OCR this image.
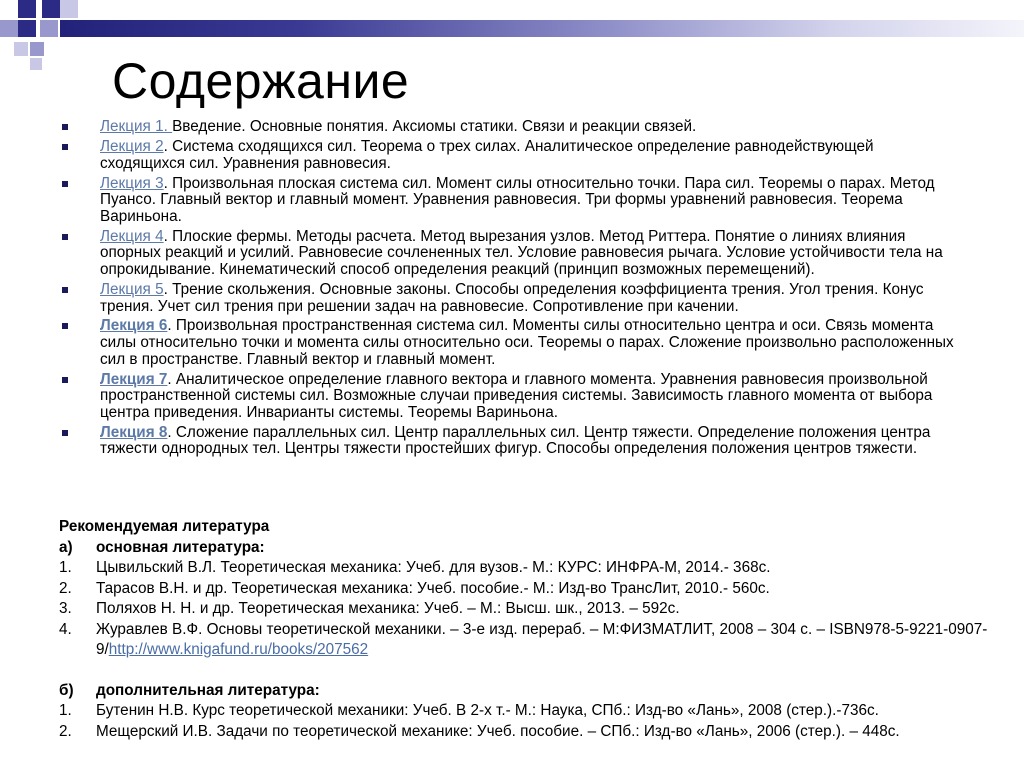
Содержание
Лекция 1. Введение. Основные понятия. Аксиомы статики. Связи и реакции связей.
Лекция 2. Система сходящихся сил. Теорема о трех силах. Аналитическое определение равнодействующей сходящихся сил. Уравнения равновесия.
Лекция 3. Произвольная плоская система сил. Момент силы относительно точки. Пара сил. Теоремы о парах. Метод Пуансо. Главный вектор и главный момент. Уравнения равновесия. Три формы уравнений равновесия. Теорема Вариньона.
Лекция 4. Плоские фермы. Методы расчета. Метод вырезания узлов. Метод Риттера. Понятие о линиях влияния опорных реакций и усилий. Равновесие сочлененных тел. Условие равновесия рычага. Условие устойчивости тела на опрокидывание. Кинематический способ определения реакций (принцип возможных перемещений).
Лекция 5. Трение скольжения. Основные законы. Способы определения коэффициента трения. Угол трения. Конус трения. Учет сил трения при решении задач на равновесие. Сопротивление при качении.
Лекция 6. Произвольная пространственная система сил. Моменты силы относительно центра и оси. Связь момента силы относительно точки и момента силы относительно оси. Теоремы о парах. Сложение произвольно расположенных сил в пространстве. Главный вектор и главный момент.
Лекция 7. Аналитическое определение главного вектора и главного момента. Уравнения равновесия произвольной пространственной системы сил. Возможные случаи приведения системы. Зависимость главного момента от выбора центра приведения. Инварианты системы. Теоремы Вариньона.
Лекция 8. Сложение параллельных сил. Центр параллельных сил. Центр тяжести. Определение положения центра тяжести однородных тел. Центры тяжести простейших фигур. Способы определения положения центров тяжести.
Рекомендуемая литература
а) основная литература:
1. Цывильский В.Л. Теоретическая механика: Учеб. для вузов.- М.: КУРС: ИНФРА-М, 2014.- 368с.
2. Тарасов В.Н. и др. Теоретическая механика: Учеб. пособие.- М.: Изд-во ТрансЛит, 2010.- 560с.
3. Поляхов Н. Н. и др. Теоретическая механика: Учеб. – М.: Высш. шк., 2013. – 592с.
4. Журавлев В.Ф. Основы теоретической механики. – 3-е изд. перераб. – М:ФИЗМАТЛИТ, 2008 – 304 с. – ISBN978-5-9221-0907-9/http://www.knigafund.ru/books/207562
б) дополнительная литература:
1. Бутенин Н.В. Курс теоретической механики: Учеб. В 2-х т.- М.: Наука, СПб.: Изд-во «Лань», 2008 (стер.).-736с.
2. Мещерский И.В. Задачи по теоретической механике: Учеб. пособие. – СПб.: Изд-во «Лань», 2006 (стер.). – 448с.
